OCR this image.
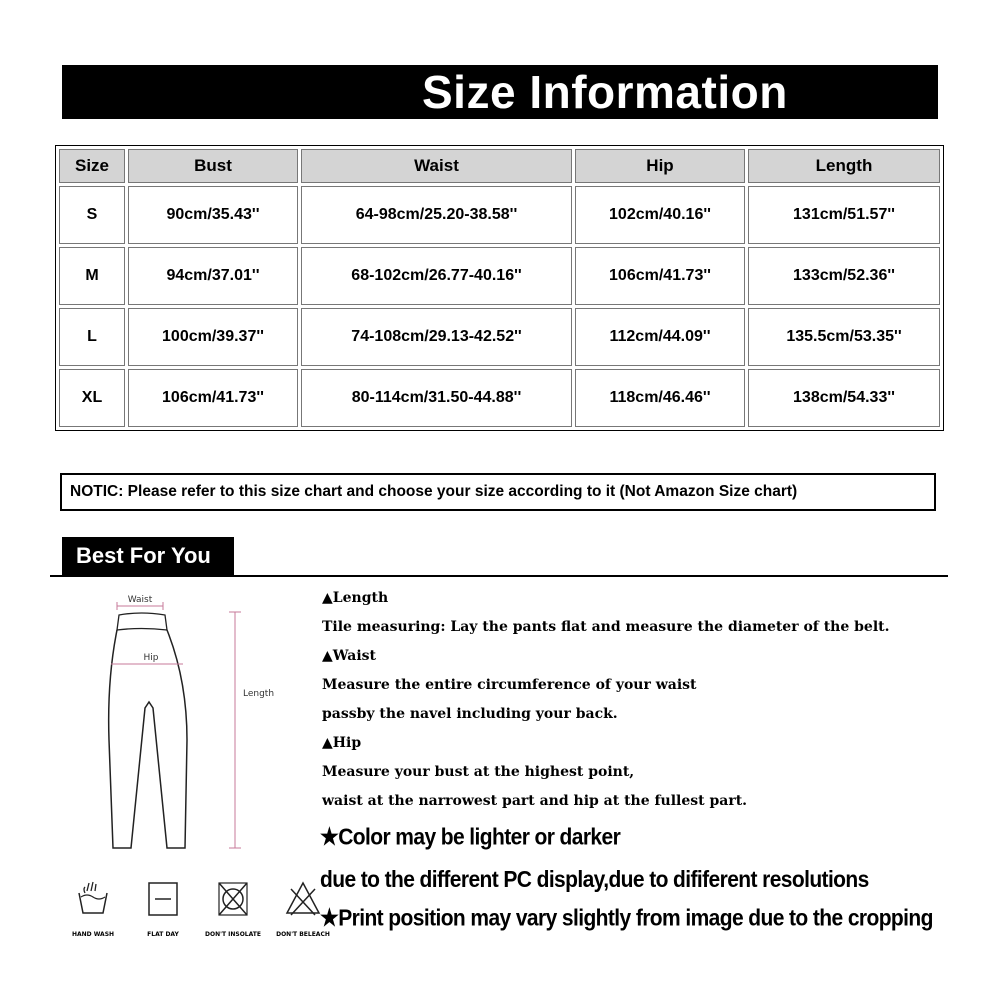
Size Information
Size	Bust	Waist	Hip	Length
S	90cm/35.43''	64-98cm/25.20-38.58''	102cm/40.16''	131cm/51.57''
M	94cm/37.01''	68-102cm/26.77-40.16''	106cm/41.73''	133cm/52.36''
L	100cm/39.37''	74-108cm/29.13-42.52''	112cm/44.09''	135.5cm/53.35''
XL	106cm/41.73''	80-114cm/31.50-44.88''	118cm/46.46''	138cm/54.33''
NOTIC: Please refer to this size chart and choose your size according to it (Not Amazon Size chart)
Best For You
Waist
Hip
Length
HAND WASH	FLAT DAY	DON'T INSOLATE	DON'T BELEACH
▲Length
Tile measuring: Lay the pants flat and measure the diameter of the belt.
▲Waist
Measure the entire circumference of your waist
passby the navel including your back.
▲Hip
Measure your bust at the highest point,
waist at the narrowest part and hip at the fullest part.
★Color may be lighter or darker
due to the different PC display,due to dififerent resolutions
★Print position may vary slightly from image due to the cropping
